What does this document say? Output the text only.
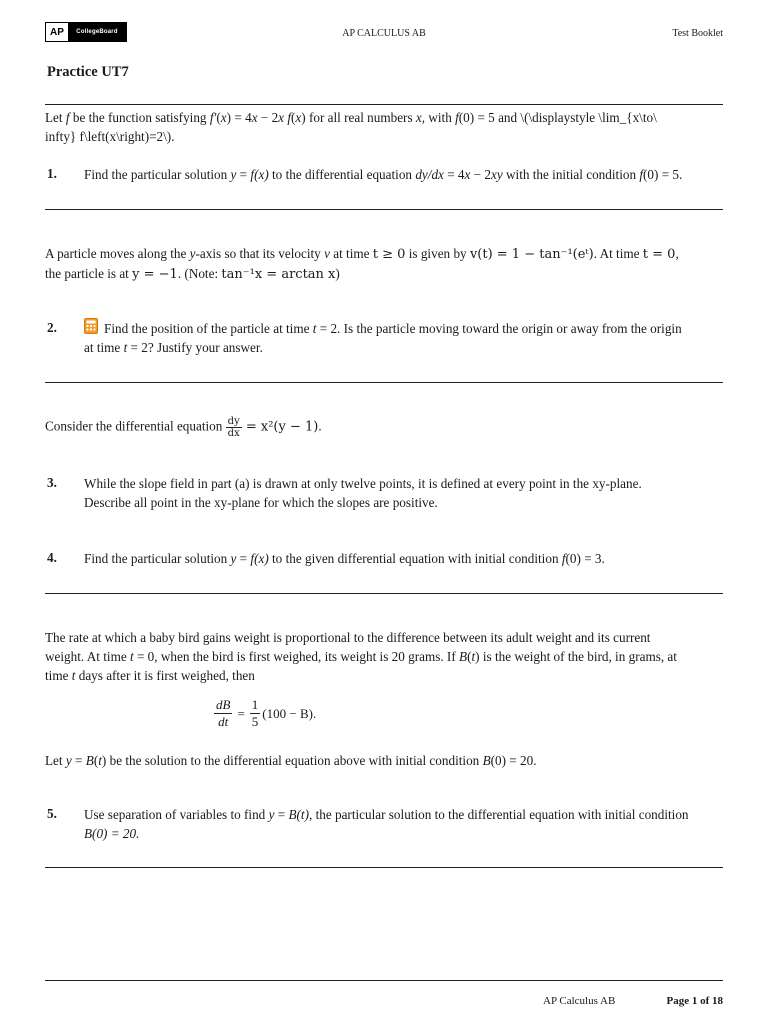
AP	CollegeBoard	AP CALCULUS AB	Test Booklet
Practice UT7
Let f be the function satisfying f′(x) = 4x − 2x f(x) for all real numbers x, with f(0) = 5 and \(\displaystyle \lim_{x\to\
infty} f\left(x\right)=2\).
1. Find the particular solution y = f(x) to the differential equation dy/dx = 4x − 2xy with the initial condition f(0) = 5.
A particle moves along the y-axis so that its velocity v at time t ≥ 0 is given by v(t) = 1 − tan⁻¹(eᵗ). At time t = 0,
the particle is at y = −1. (Note: tan⁻¹x = arctan x)
2.	Find the position of the particle at time t = 2. Is the particle moving toward the origin or away from the origin
at time t = 2? Justify your answer.
Consider the differential equation $\frac{dy}{dx} = x^2(y - 1)$.
3. While the slope field in part (a) is drawn at only twelve points, it is defined at every point in the xy-plane.
Describe all point in the xy-plane for which the slopes are positive.
4. Find the particular solution y = f(x) to the given differential equation with initial condition f(0) = 3.
The rate at which a baby bird gains weight is proportional to the difference between its adult weight and its current
weight. At time t = 0, when the bird is first weighed, its weight is 20 grams. If B(t) is the weight of the bird, in grams, at
time t days after it is first weighed, then
$\frac{dB}{dt} = \frac{1}{5} (100 - B)$.
Let y = B(t) be the solution to the differential equation above with initial condition B(0) = 20.
5. Use separation of variables to find y = B(t), the particular solution to the differential equation with initial condition
B(0) = 20.
AP Calculus AB	Page 1 of 18
